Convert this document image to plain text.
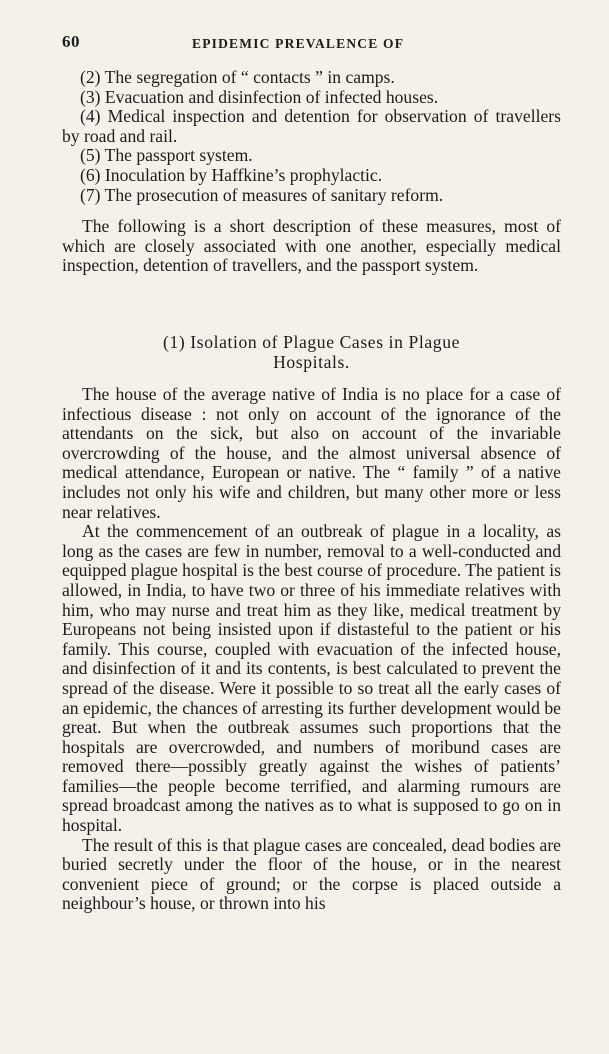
60	EPIDEMIC PREVALENCE OF

(2) The segregation of “ contacts ” in camps.

(3) Evacuation and disinfection of infected houses.

(4) Medical inspection and detention for observation of travellers by road and rail.

(5) The passport system.

(6) Inoculation by Haffkine’s prophylactic.

(7) The prosecution of measures of sanitary reform.

The following is a short description of these measures, most of which are closely associated with one another, especially medical inspection, detention of travellers, and the passport system.

(1) Isolation of Plague Cases in Plague
Hospitals.

The house of the average native of India is no place for a case of infectious disease : not only on account of the ignorance of the attendants on the sick, but also on account of the invariable overcrowding of the house, and the almost universal absence of medical attendance, European or native. The “ family ” of a native includes not only his wife and children, but many other more or less near relatives.

At the commencement of an outbreak of plague in a locality, as long as the cases are few in number, removal to a well-conducted and equipped plague hospital is the best course of procedure. The patient is allowed, in India, to have two or three of his immediate relatives with him, who may nurse and treat him as they like, medical treatment by Europeans not being insisted upon if distasteful to the patient or his family. This course, coupled with evacuation of the infected house, and disinfection of it and its contents, is best calculated to prevent the spread of the disease. Were it possible to so treat all the early cases of an epidemic, the chances of arresting its further development would be great. But when the outbreak assumes such proportions that the hospitals are overcrowded, and numbers of moribund cases are removed there—possibly greatly against the wishes of patients’ families—the people become terrified, and alarming rumours are spread broadcast among the natives as to what is supposed to go on in hospital.

The result of this is that plague cases are concealed, dead bodies are buried secretly under the floor of the house, or in the nearest convenient piece of ground; or the corpse is placed outside a neighbour’s house, or thrown into his
